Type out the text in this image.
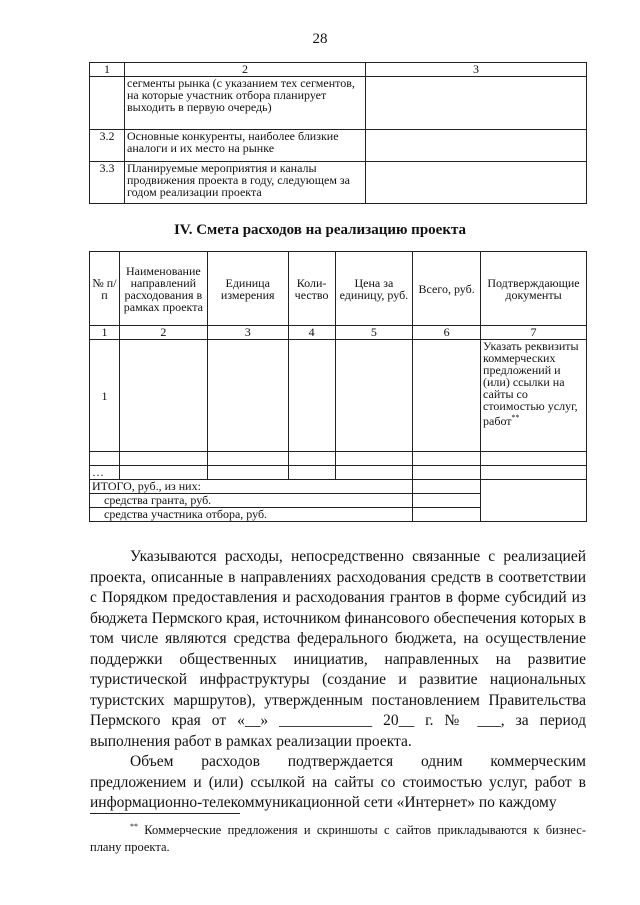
28
1	2	3
	сегменты рынка (с указанием тех сегментов, на которые участник отбора планирует выходить в первую очередь)	
3.2	Основные конкуренты, наиболее близкие аналоги и их место на рынке	
3.3	Планируемые мероприятия и каналы продвижения проекта в году, следующем за годом реализации проекта	
IV. Смета расходов на реализацию проекта
№ п/п	Наименование направлений расходования в рамках проекта	Единица измерения	Коли-чество	Цена за единицу, руб.	Всего, руб.	Подтверждающие документы
1	2	3	4	5	6	7
1						Указать реквизиты коммерческих предложений и (или) ссылки на сайты со стоимостью услуг, работ**

…						
ИТОГО, руб., из них:						
средства гранта, руб.						
средства участника отбора, руб.						

Указываются расходы, непосредственно связанные с реализацией проекта, описанные в направлениях расходования средств в соответствии с Порядком предоставления и расходования грантов в форме субсидий из бюджета Пермского края, источником финансового обеспечения которых в том числе являются средства федерального бюджета, на осуществление поддержки общественных инициатив, направленных на развитие туристической инфраструктуры (создание и развитие национальных туристских маршрутов), утвержденным постановлением Правительства Пермского края от «__» ____________ 20__ г. № ___, за период выполнения работ в рамках реализации проекта.

Объем расходов подтверждается одним коммерческим предложением и (или) ссылкой на сайты со стоимостью услуг, работ в информационно-телекоммуникационной сети «Интернет» по каждому

** Коммерческие предложения и скриншоты с сайтов прикладываются к бизнес-плану проекта.
